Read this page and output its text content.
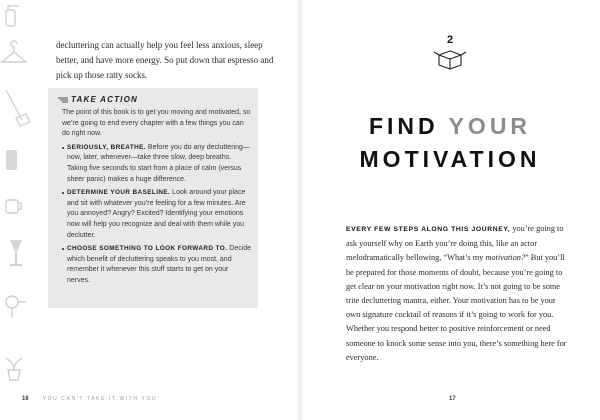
decluttering can actually help you feel less anxious, sleep better, and have more energy. So put down that espresso and pick up those ratty socks.

TAKE ACTION

The point of this book is to get you moving and motivated, so we’re going to end every chapter with a few things you can do right now.

SERIOUSLY, BREATHE. Before you do any decluttering—now, later, whenever—take three slow, deep breaths. Taking five seconds to start from a place of calm (versus sheer panic) makes a huge difference.
DETERMINE YOUR BASELINE. Look around your place and sit with whatever you’re feeling for a few minutes. Are you annoyed? Angry? Excited? Identifying your emotions now will help you recognize and deal with them while you declutter.
CHOOSE SOMETHING TO LOOK FORWARD TO. Decide which benefit of decluttering speaks to you most, and remember it whenever this stuff starts to get on your nerves.
16	YOU CAN’T TAKE IT WITH YOU
2
FIND YOUR
MOTIVATION

EVERY FEW STEPS ALONG THIS JOURNEY, you’re going to ask yourself why on Earth you’re doing this, like an actor melodramatically bellowing, “What’s my motivation?” But you’ll be prepared for those moments of doubt, because you’re going to get clear on your motivation right now. It’s not going to be some trite decluttering mantra, either. Your motivation has to be your own signature cocktail of reasons if it’s going to work for you. Whether you respond better to positive reinforcement or need someone to knock some sense into you, there’s something here for everyone.

17
